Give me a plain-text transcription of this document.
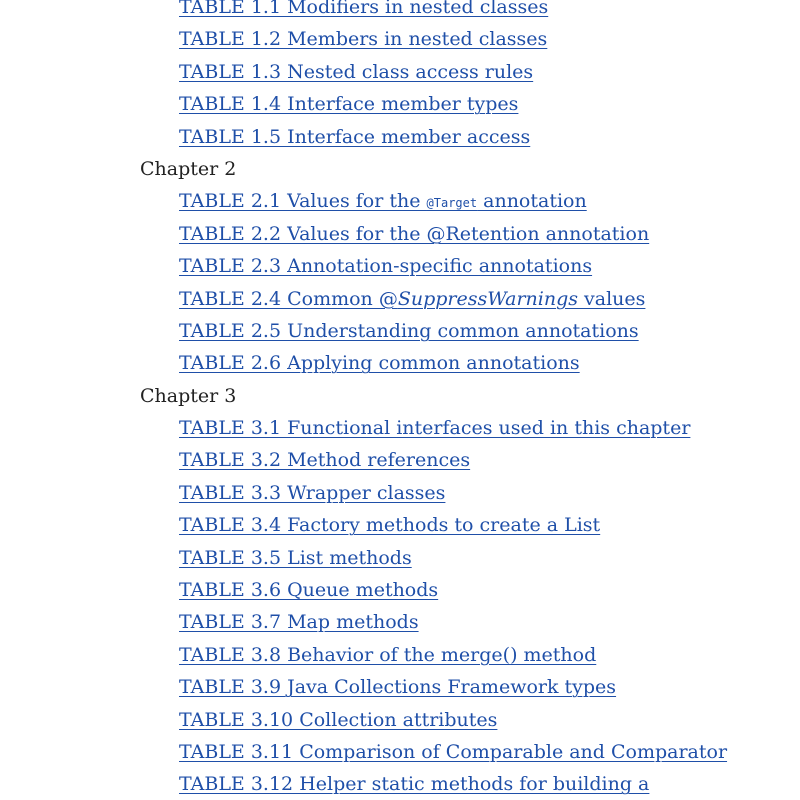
TABLE 1.1 Modifiers in nested classes
TABLE 1.2 Members in nested classes
TABLE 1.3 Nested class access rules
TABLE 1.4 Interface member types
TABLE 1.5 Interface member access
Chapter 2
TABLE 2.1 Values for the @Target annotation
TABLE 2.2 Values for the @Retention annotation
TABLE 2.3 Annotation-specific annotations
TABLE 2.4 Common @SuppressWarnings values
TABLE 2.5 Understanding common annotations
TABLE 2.6 Applying common annotations
Chapter 3
TABLE 3.1 Functional interfaces used in this chapter
TABLE 3.2 Method references
TABLE 3.3 Wrapper classes
TABLE 3.4 Factory methods to create a List
TABLE 3.5 List methods
TABLE 3.6 Queue methods
TABLE 3.7 Map methods
TABLE 3.8 Behavior of the merge() method
TABLE 3.9 Java Collections Framework types
TABLE 3.10 Collection attributes
TABLE 3.11 Comparison of Comparable and Comparator
TABLE 3.12 Helper static methods for building a
